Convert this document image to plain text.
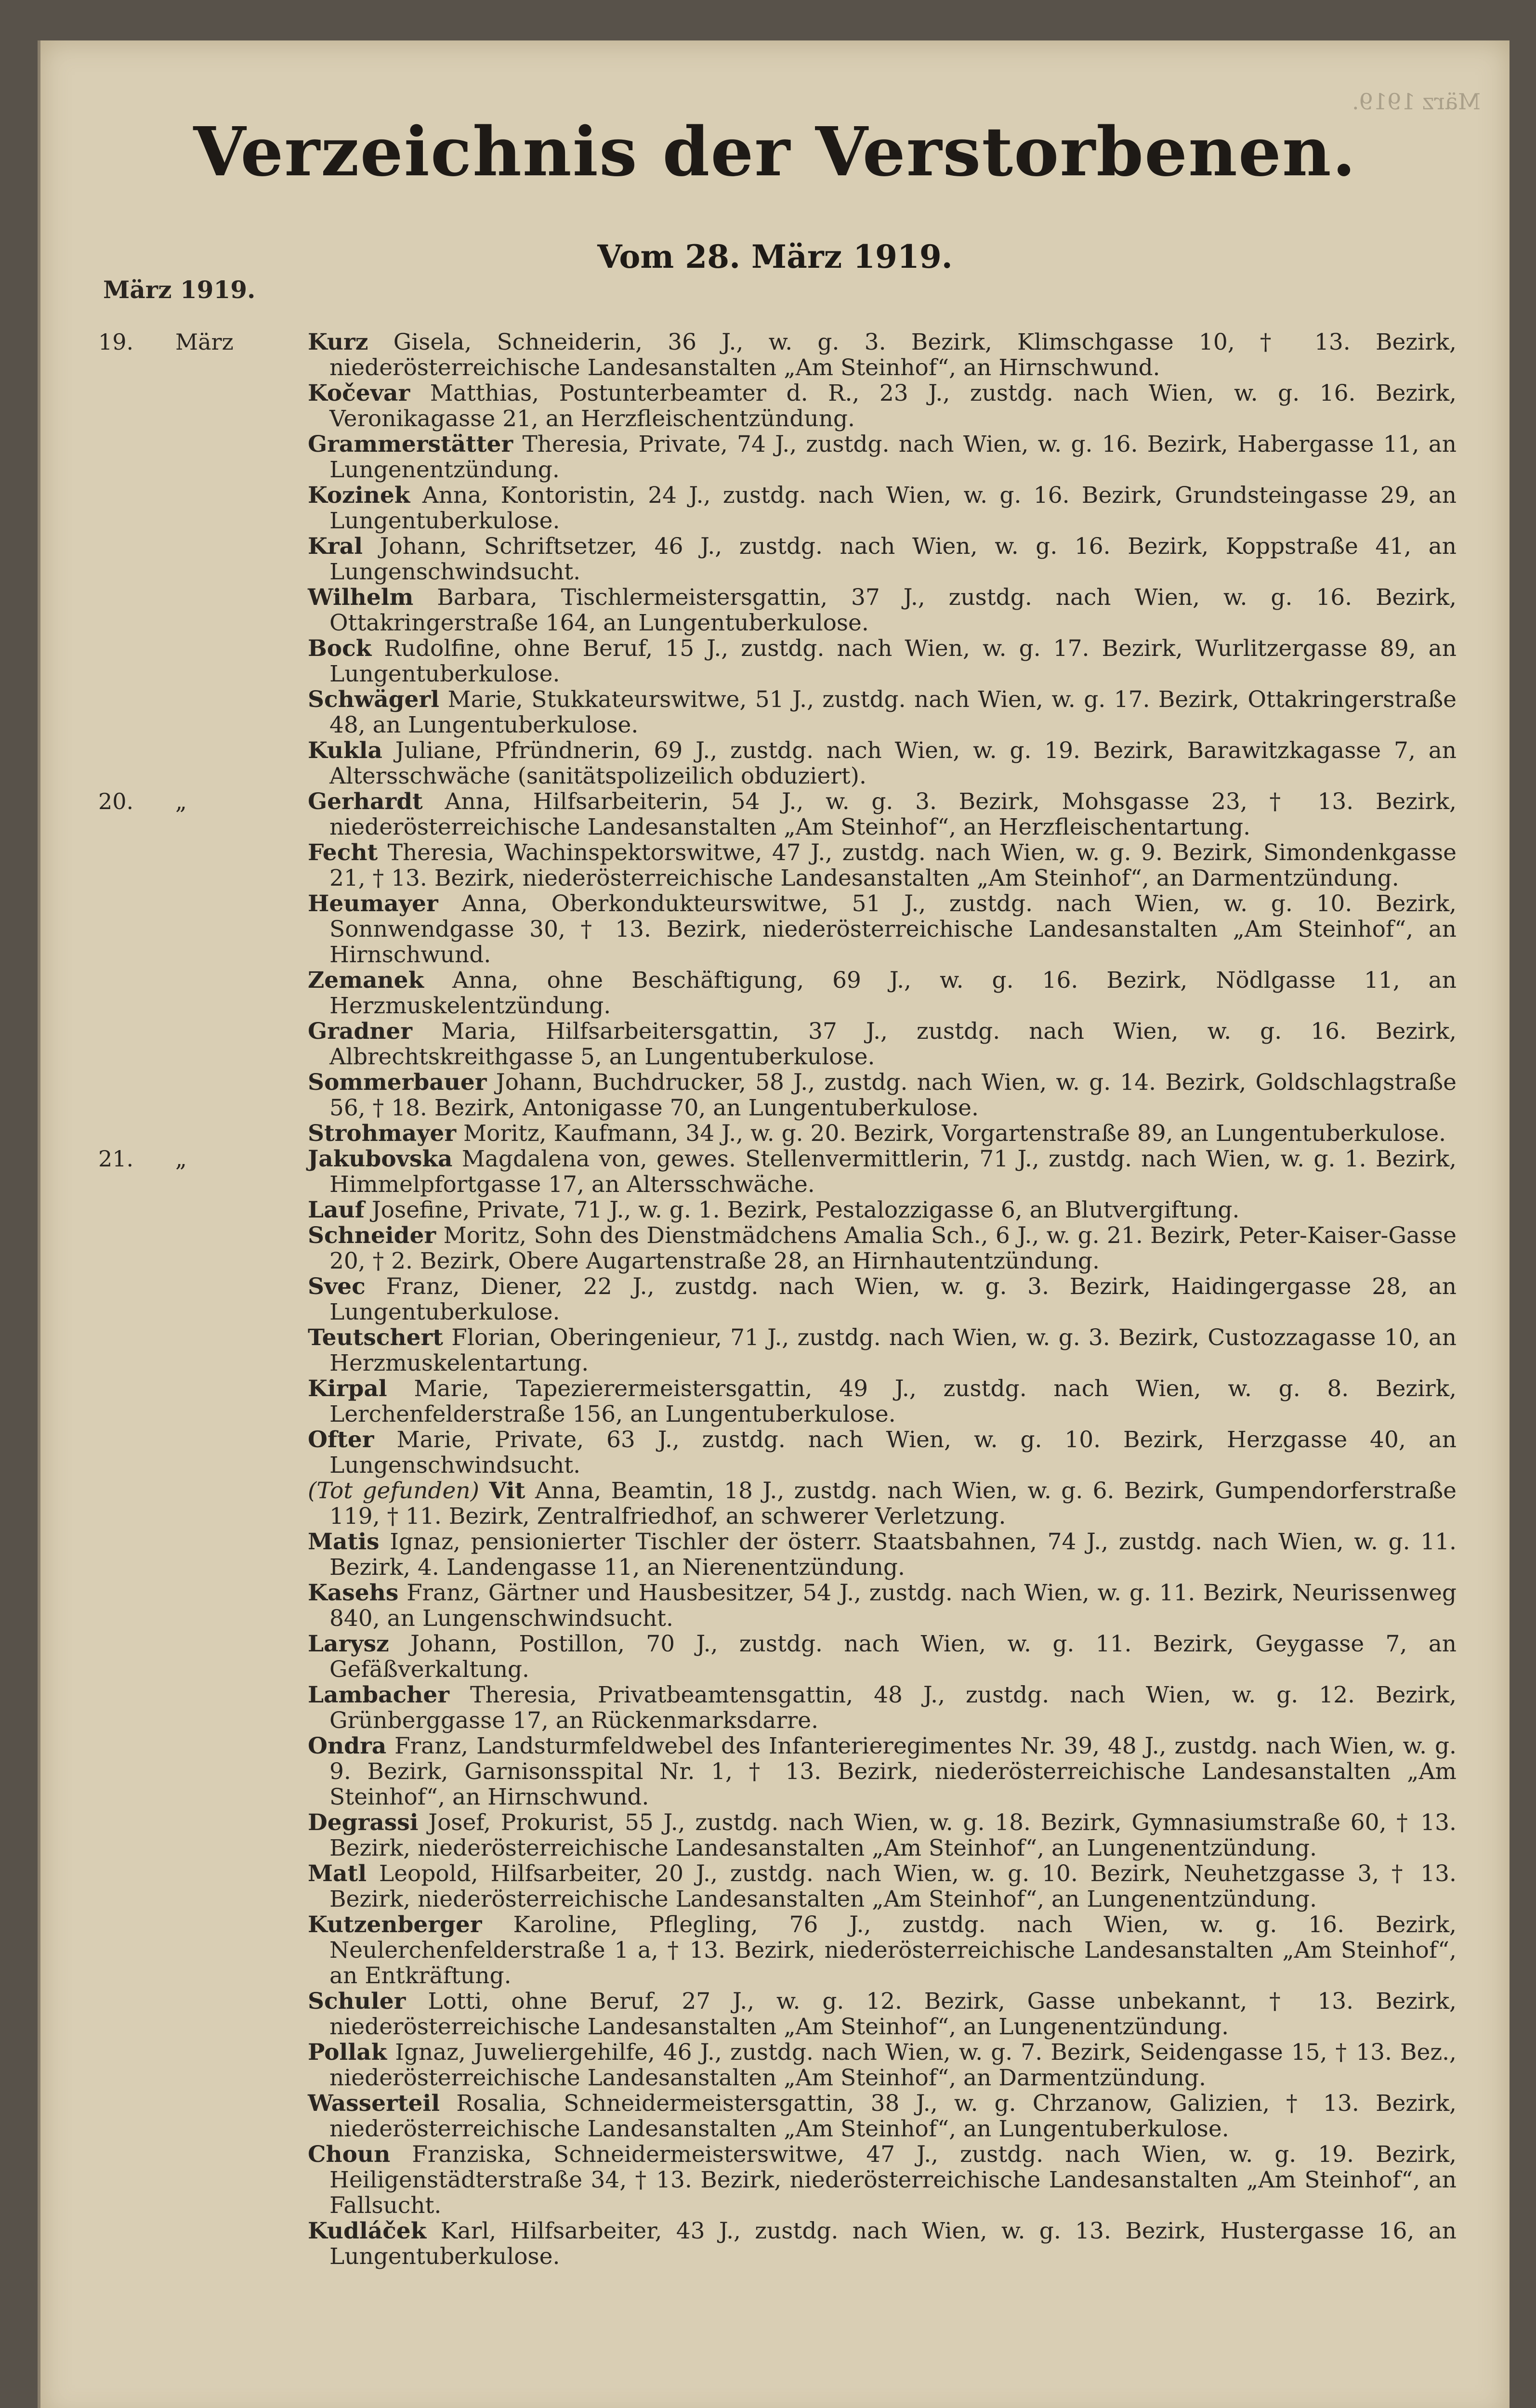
März 1919.
Verzeichnis der Verstorbenen.
Vom 28. März 1919.
März 1919.
19. März	Kurz Gisela, Schneiderin, 36 J., w. g. 3. Bezirk, Klimschgasse 10, † 13. Bezirk, niederösterreichische Landesanstalten „Am Steinhof“, an Hirnschwund.
Kočevar Matthias, Postunterbeamter d. R., 23 J., zustdg. nach Wien, w. g. 16. Bezirk, Veronikagasse 21, an Herzfleischentzündung.
Grammerstätter Theresia, Private, 74 J., zustdg. nach Wien, w. g. 16. Bezirk, Habergasse 11, an Lungenentzündung.
Kozinek Anna, Kontoristin, 24 J., zustdg. nach Wien, w. g. 16. Bezirk, Grundsteingasse 29, an Lungentuberkulose.
Kral Johann, Schriftsetzer, 46 J., zustdg. nach Wien, w. g. 16. Bezirk, Koppstraße 41, an Lungenschwindsucht.
Wilhelm Barbara, Tischlermeistersgattin, 37 J., zustdg. nach Wien, w. g. 16. Bezirk, Ottakringerstraße 164, an Lungentuberkulose.
Bock Rudolfine, ohne Beruf, 15 J., zustdg. nach Wien, w. g. 17. Bezirk, Wurlitzergasse 89, an Lungentuberkulose.
Schwägerl Marie, Stukkateurswitwe, 51 J., zustdg. nach Wien, w. g. 17. Bezirk, Ottakringerstraße 48, an Lungentuberkulose.
Kukla Juliane, Pfründnerin, 69 J., zustdg. nach Wien, w. g. 19. Bezirk, Barawitzkagasse 7, an Altersschwäche (sanitätspolizeilich obduziert).
20. „	Gerhardt Anna, Hilfsarbeiterin, 54 J., w. g. 3. Bezirk, Mohsgasse 23, † 13. Bezirk, niederösterreichische Landesanstalten „Am Steinhof“, an Herzfleischentartung.
Fecht Theresia, Wachinspektorswitwe, 47 J., zustdg. nach Wien, w. g. 9. Bezirk, Simondenkgasse 21, † 13. Bezirk, niederösterreichische Landesanstalten „Am Steinhof“, an Darmentzündung.
Heumayer Anna, Oberkondukteurswitwe, 51 J., zustdg. nach Wien, w. g. 10. Bezirk, Sonnwendgasse 30, † 13. Bezirk, niederösterreichische Landesanstalten „Am Steinhof“, an Hirnschwund.
Zemanek Anna, ohne Beschäftigung, 69 J., w. g. 16. Bezirk, Nödlgasse 11, an Herzmuskelentzündung.
Gradner Maria, Hilfsarbeitersgattin, 37 J., zustdg. nach Wien, w. g. 16. Bezirk, Albrechtskreithgasse 5, an Lungentuberkulose.
Sommerbauer Johann, Buchdrucker, 58 J., zustdg. nach Wien, w. g. 14. Bezirk, Goldschlagstraße 56, † 18. Bezirk, Antonigasse 70, an Lungentuberkulose.
Strohmayer Moritz, Kaufmann, 34 J., w. g. 20. Bezirk, Vorgartenstraße 89, an Lungentuberkulose.
21. „	Jakubovska Magdalena von, gewes. Stellenvermittlerin, 71 J., zustdg. nach Wien, w. g. 1. Bezirk, Himmelpfortgasse 17, an Altersschwäche.
Lauf Josefine, Private, 71 J., w. g. 1. Bezirk, Pestalozzigasse 6, an Blutvergiftung.
Schneider Moritz, Sohn des Dienstmädchens Amalia Sch., 6 J., w. g. 21. Bezirk, Peter-Kaiser-Gasse 20, † 2. Bezirk, Obere Augartenstraße 28, an Hirnhautentzündung.
Svec Franz, Diener, 22 J., zustdg. nach Wien, w. g. 3. Bezirk, Haidingergasse 28, an Lungentuberkulose.
Teutschert Florian, Oberingenieur, 71 J., zustdg. nach Wien, w. g. 3. Bezirk, Custozzagasse 10, an Herzmuskelentartung.
Kirpal Marie, Tapezierermeistersgattin, 49 J., zustdg. nach Wien, w. g. 8. Bezirk, Lerchenfelderstraße 156, an Lungentuberkulose.
Ofter Marie, Private, 63 J., zustdg. nach Wien, w. g. 10. Bezirk, Herzgasse 40, an Lungenschwindsucht.
(Tot gefunden) Vit Anna, Beamtin, 18 J., zustdg. nach Wien, w. g. 6. Bezirk, Gumpendorferstraße 119, † 11. Bezirk, Zentralfriedhof, an schwerer Verletzung.
Matis Ignaz, pensionierter Tischler der österr. Staatsbahnen, 74 J., zustdg. nach Wien, w. g. 11. Bezirk, 4. Landengasse 11, an Nierenentzündung.
Kasehs Franz, Gärtner und Hausbesitzer, 54 J., zustdg. nach Wien, w. g. 11. Bezirk, Neurissenweg 840, an Lungenschwindsucht.
Larysz Johann, Postillon, 70 J., zustdg. nach Wien, w. g. 11. Bezirk, Geygasse 7, an Gefäßverkaltung.
Lambacher Theresia, Privatbeamtensgattin, 48 J., zustdg. nach Wien, w. g. 12. Bezirk, Grünberggasse 17, an Rückenmarksdarre.
Ondra Franz, Landsturmfeldwebel des Infanterieregimentes Nr. 39, 48 J., zustdg. nach Wien, w. g. 9. Bezirk, Garnisonsspital Nr. 1, † 13. Bezirk, niederösterreichische Landesanstalten „Am Steinhof“, an Hirnschwund.
Degrassi Josef, Prokurist, 55 J., zustdg. nach Wien, w. g. 18. Bezirk, Gymnasiumstraße 60, † 13. Bezirk, niederösterreichische Landesanstalten „Am Steinhof“, an Lungenentzündung.
Matl Leopold, Hilfsarbeiter, 20 J., zustdg. nach Wien, w. g. 10. Bezirk, Neuhetzgasse 3, † 13. Bezirk, niederösterreichische Landesanstalten „Am Steinhof“, an Lungenentzündung.
Kutzenberger Karoline, Pflegling, 76 J., zustdg. nach Wien, w. g. 16. Bezirk, Neulerchenfelderstraße 1 a, † 13. Bezirk, niederösterreichische Landesanstalten „Am Steinhof“, an Entkräftung.
Schuler Lotti, ohne Beruf, 27 J., w. g. 12. Bezirk, Gasse unbekannt, † 13. Bezirk, niederösterreichische Landesanstalten „Am Steinhof“, an Lungenentzündung.
Pollak Ignaz, Juweliergehilfe, 46 J., zustdg. nach Wien, w. g. 7. Bezirk, Seidengasse 15, † 13. Bez., niederösterreichische Landesanstalten „Am Steinhof“, an Darmentzündung.
Wasserteil Rosalia, Schneidermeistersgattin, 38 J., w. g. Chrzanow, Galizien, † 13. Bezirk, niederösterreichische Landesanstalten „Am Steinhof“, an Lungentuberkulose.
Choun Franziska, Schneidermeisterswitwe, 47 J., zustdg. nach Wien, w. g. 19. Bezirk, Heiligenstädterstraße 34, † 13. Bezirk, niederösterreichische Landesanstalten „Am Steinhof“, an Fallsucht.
Kudláček Karl, Hilfsarbeiter, 43 J., zustdg. nach Wien, w. g. 13. Bezirk, Hustergasse 16, an Lungentuberkulose.
